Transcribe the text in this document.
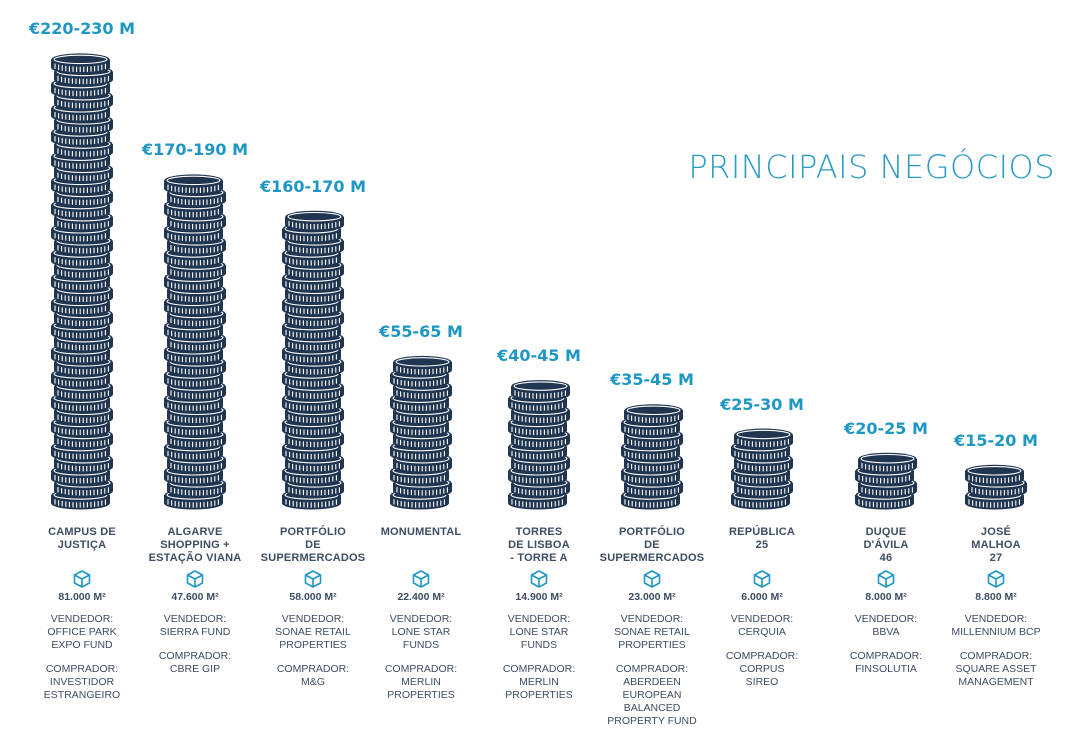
PRINCIPAIS NEGÓCIOS
€220-230 M
CAMPUS DE
JUSTIÇA
81.000 M²
VENDEDOR:
OFFICE PARK
EXPO FUND
COMPRADOR:
INVESTIDOR
ESTRANGEIRO
€170-190 M
ALGARVE
SHOPPING +
ESTAÇÃO VIANA
47.600 M²
VENDEDOR:
SIERRA FUND
COMPRADOR:
CBRE GIP
€160-170 M
PORTFÓLIO
DE
SUPERMERCADOS
58.000 M²
VENDEDOR:
SONAE RETAIL
PROPERTIES
COMPRADOR:
M&G
€55-65 M
MONUMENTAL
22.400 M²
VENDEDOR:
LONE STAR
FUNDS
COMPRADOR:
MERLIN
PROPERTIES
€40-45 M
TORRES
DE LISBOA
- TORRE A
14.900 M²
VENDEDOR:
LONE STAR
FUNDS
COMPRADOR:
MERLIN
PROPERTIES
€35-45 M
PORTFÓLIO
DE
SUPERMERCADOS
23.000 M²
VENDEDOR:
SONAE RETAIL
PROPERTIES
COMPRADOR:
ABERDEEN
EUROPEAN
BALANCED
PROPERTY FUND
€25-30 M
REPÚBLICA
25
6.000 M²
VENDEDOR:
CERQUIA
COMPRADOR:
CORPUS
SIREO
€20-25 M
DUQUE
D'ÁVILA
46
8.000 M²
VENDEDOR:
BBVA
COMPRADOR:
FINSOLUTIA
€15-20 M
JOSÉ
MALHOA
27
8.800 M²
VENDEDOR:
MILLENNIUM BCP
COMPRADOR:
SQUARE ASSET
MANAGEMENT
